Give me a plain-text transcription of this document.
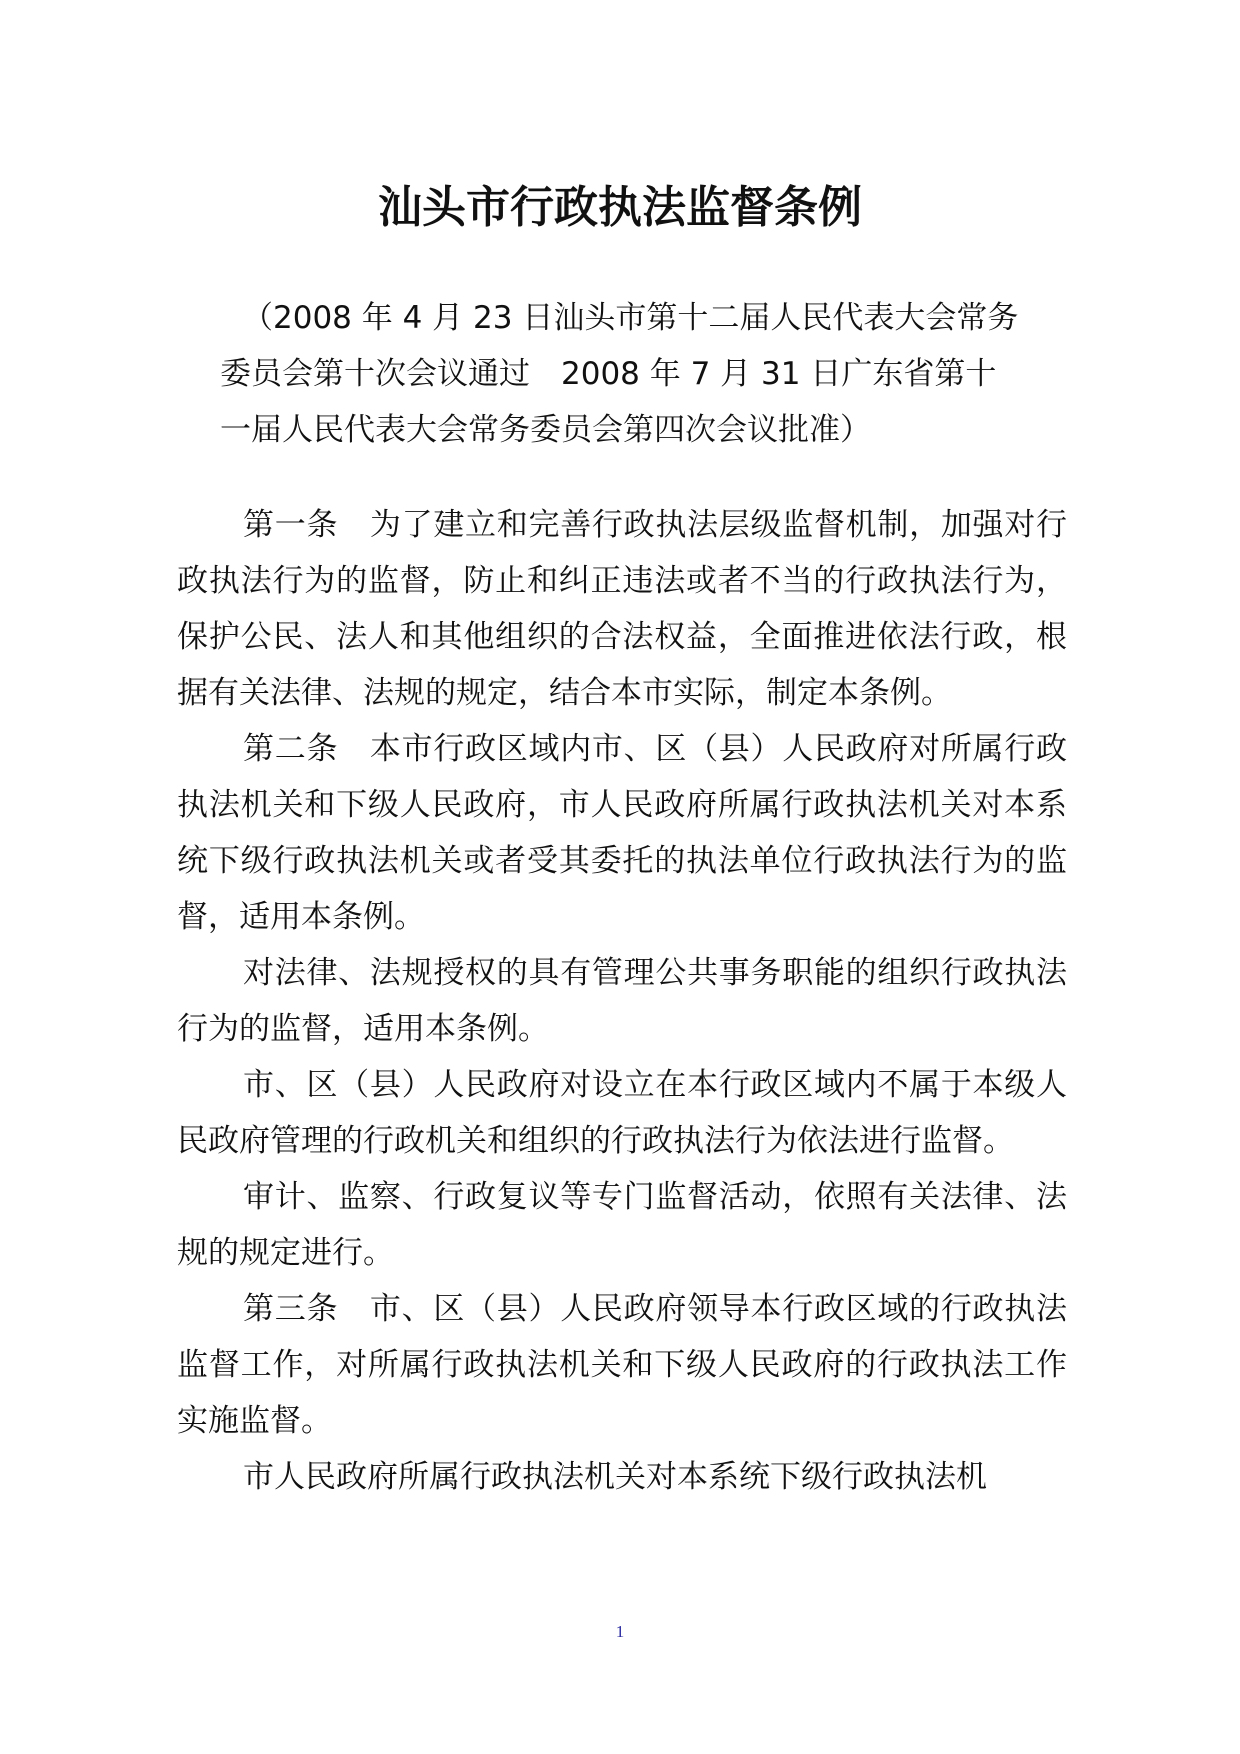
汕头市行政执法监督条例
（2008 年 4 月 23 日汕头市第十二届人民代表大会常务
委员会第十次会议通过　2008 年 7 月 31 日广东省第十
一届人民代表大会常务委员会第四次会议批准）

第一条　为了建立和完善行政执法层级监督机制，加强对行政执法行为的监督，防止和纠正违法或者不当的行政执法行为，保护公民、法人和其他组织的合法权益，全面推进依法行政，根据有关法律、法规的规定，结合本市实际，制定本条例。

第二条　本市行政区域内市、区（县）人民政府对所属行政执法机关和下级人民政府，市人民政府所属行政执法机关对本系统下级行政执法机关或者受其委托的执法单位行政执法行为的监督，适用本条例。

对法律、法规授权的具有管理公共事务职能的组织行政执法行为的监督，适用本条例。

市、区（县）人民政府对设立在本行政区域内不属于本级人民政府管理的行政机关和组织的行政执法行为依法进行监督。

审计、监察、行政复议等专门监督活动，依照有关法律、法规的规定进行。

第三条　市、区（县）人民政府领导本行政区域的行政执法监督工作，对所属行政执法机关和下级人民政府的行政执法工作实施监督。

市人民政府所属行政执法机关对本系统下级行政执法机

1
